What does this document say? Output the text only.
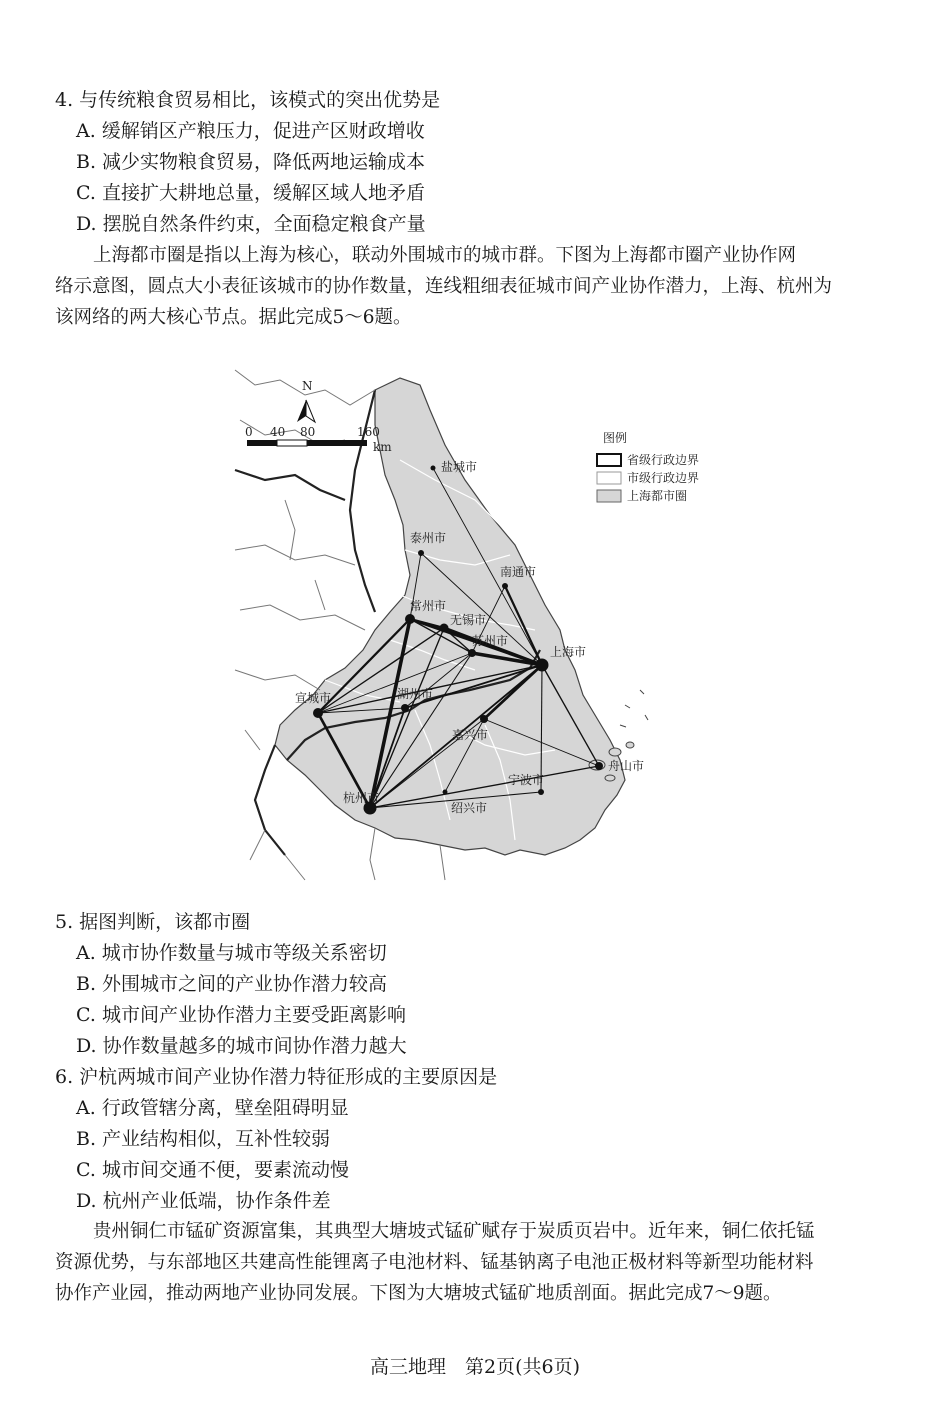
4. 与传统粮食贸易相比，该模式的突出优势是
A. 缓解销区产粮压力，促进产区财政增收
B. 减少实物粮食贸易，降低两地运输成本
C. 直接扩大耕地总量，缓解区域人地矛盾
D. 摆脱自然条件约束，全面稳定粮食产量
上海都市圈是指以上海为核心，联动外围城市的城市群。下图为上海都市圈产业协作网
络示意图，圆点大小表征该城市的协作数量，连线粗细表征城市间产业协作潜力，上海、杭州为
该网络的两大核心节点。据此完成5～6题。
盐城市
泰州市
南通市
常州市
无锡市
苏州市
上海市
宣城市	湖州市
嘉兴市
舟山市
宁波市
杭州市
绍兴市
N
0 40 80	160
km
图例
省级行政边界
市级行政边界
上海都市圈
5. 据图判断，该都市圈
A. 城市协作数量与城市等级关系密切
B. 外围城市之间的产业协作潜力较高
C. 城市间产业协作潜力主要受距离影响
D. 协作数量越多的城市间协作潜力越大
6. 沪杭两城市间产业协作潜力特征形成的主要原因是
A. 行政管辖分离，壁垒阻碍明显
B. 产业结构相似，互补性较弱
C. 城市间交通不便，要素流动慢
D. 杭州产业低端，协作条件差
贵州铜仁市锰矿资源富集，其典型大塘坡式锰矿赋存于炭质页岩中。近年来，铜仁依托锰
资源优势，与东部地区共建高性能锂离子电池材料、锰基钠离子电池正极材料等新型功能材料
协作产业园，推动两地产业协同发展。下图为大塘坡式锰矿地质剖面。据此完成7～9题。
高三地理　第2页(共6页)
